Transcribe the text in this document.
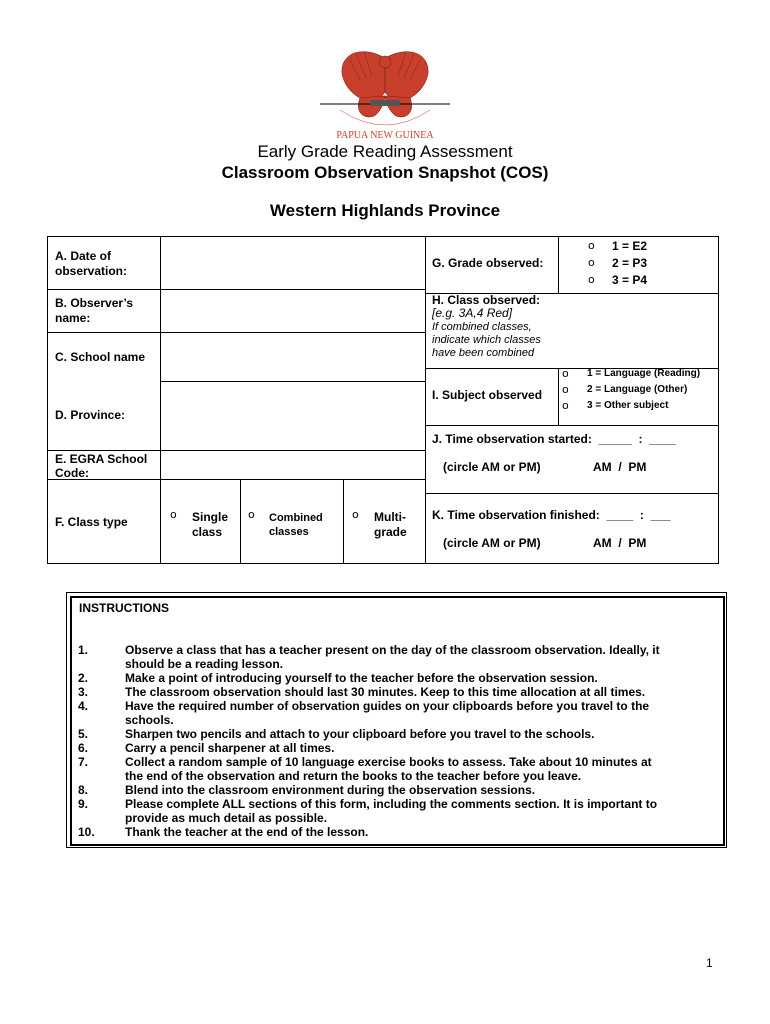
PAPUA NEW GUINEA
Early Grade Reading Assessment
Classroom Observation Snapshot (COS)
Western Highlands Province
A. Date of observation:
B. Observer’s name:
C. School name
D. Province:
E. EGRA School Code:
F. Class type
o Single class
o Combined classes
o Multi-grade
G. Grade observed:
o 1 = E2
o 2 = P3
o 3 = P4
H. Class observed:
[e.g. 3A,4 Red]
If combined classes, indicate which classes have been combined
I. Subject observed
o 1 = Language (Reading)
o 2 = Language (Other)
o 3 = Other subject
J. Time observation started:  _____  :  ____
(circle AM or PM)	AM  /  PM
K. Time observation finished:  ____  :  ___
(circle AM or PM)	AM  /  PM
INSTRUCTIONS
1.	Observe a class that has a teacher present on the day of the classroom observation. Ideally, it
should be a reading lesson.
2.	Make a point of introducing yourself to the teacher before the observation session.
3.	The classroom observation should last 30 minutes. Keep to this time allocation at all times.
4.	Have the required number of observation guides on your clipboards before you travel to the
schools.
5.	Sharpen two pencils and attach to your clipboard before you travel to the schools.
6.	Carry a pencil sharpener at all times.
7.	Collect a random sample of 10 language exercise books to assess. Take about 10 minutes at
the end of the observation and return the books to the teacher before you leave.
8.	Blend into the classroom environment during the observation sessions.
9.	Please complete ALL sections of this form, including the comments section. It is important to
provide as much detail as possible.
10.	Thank the teacher at the end of the lesson.
1
